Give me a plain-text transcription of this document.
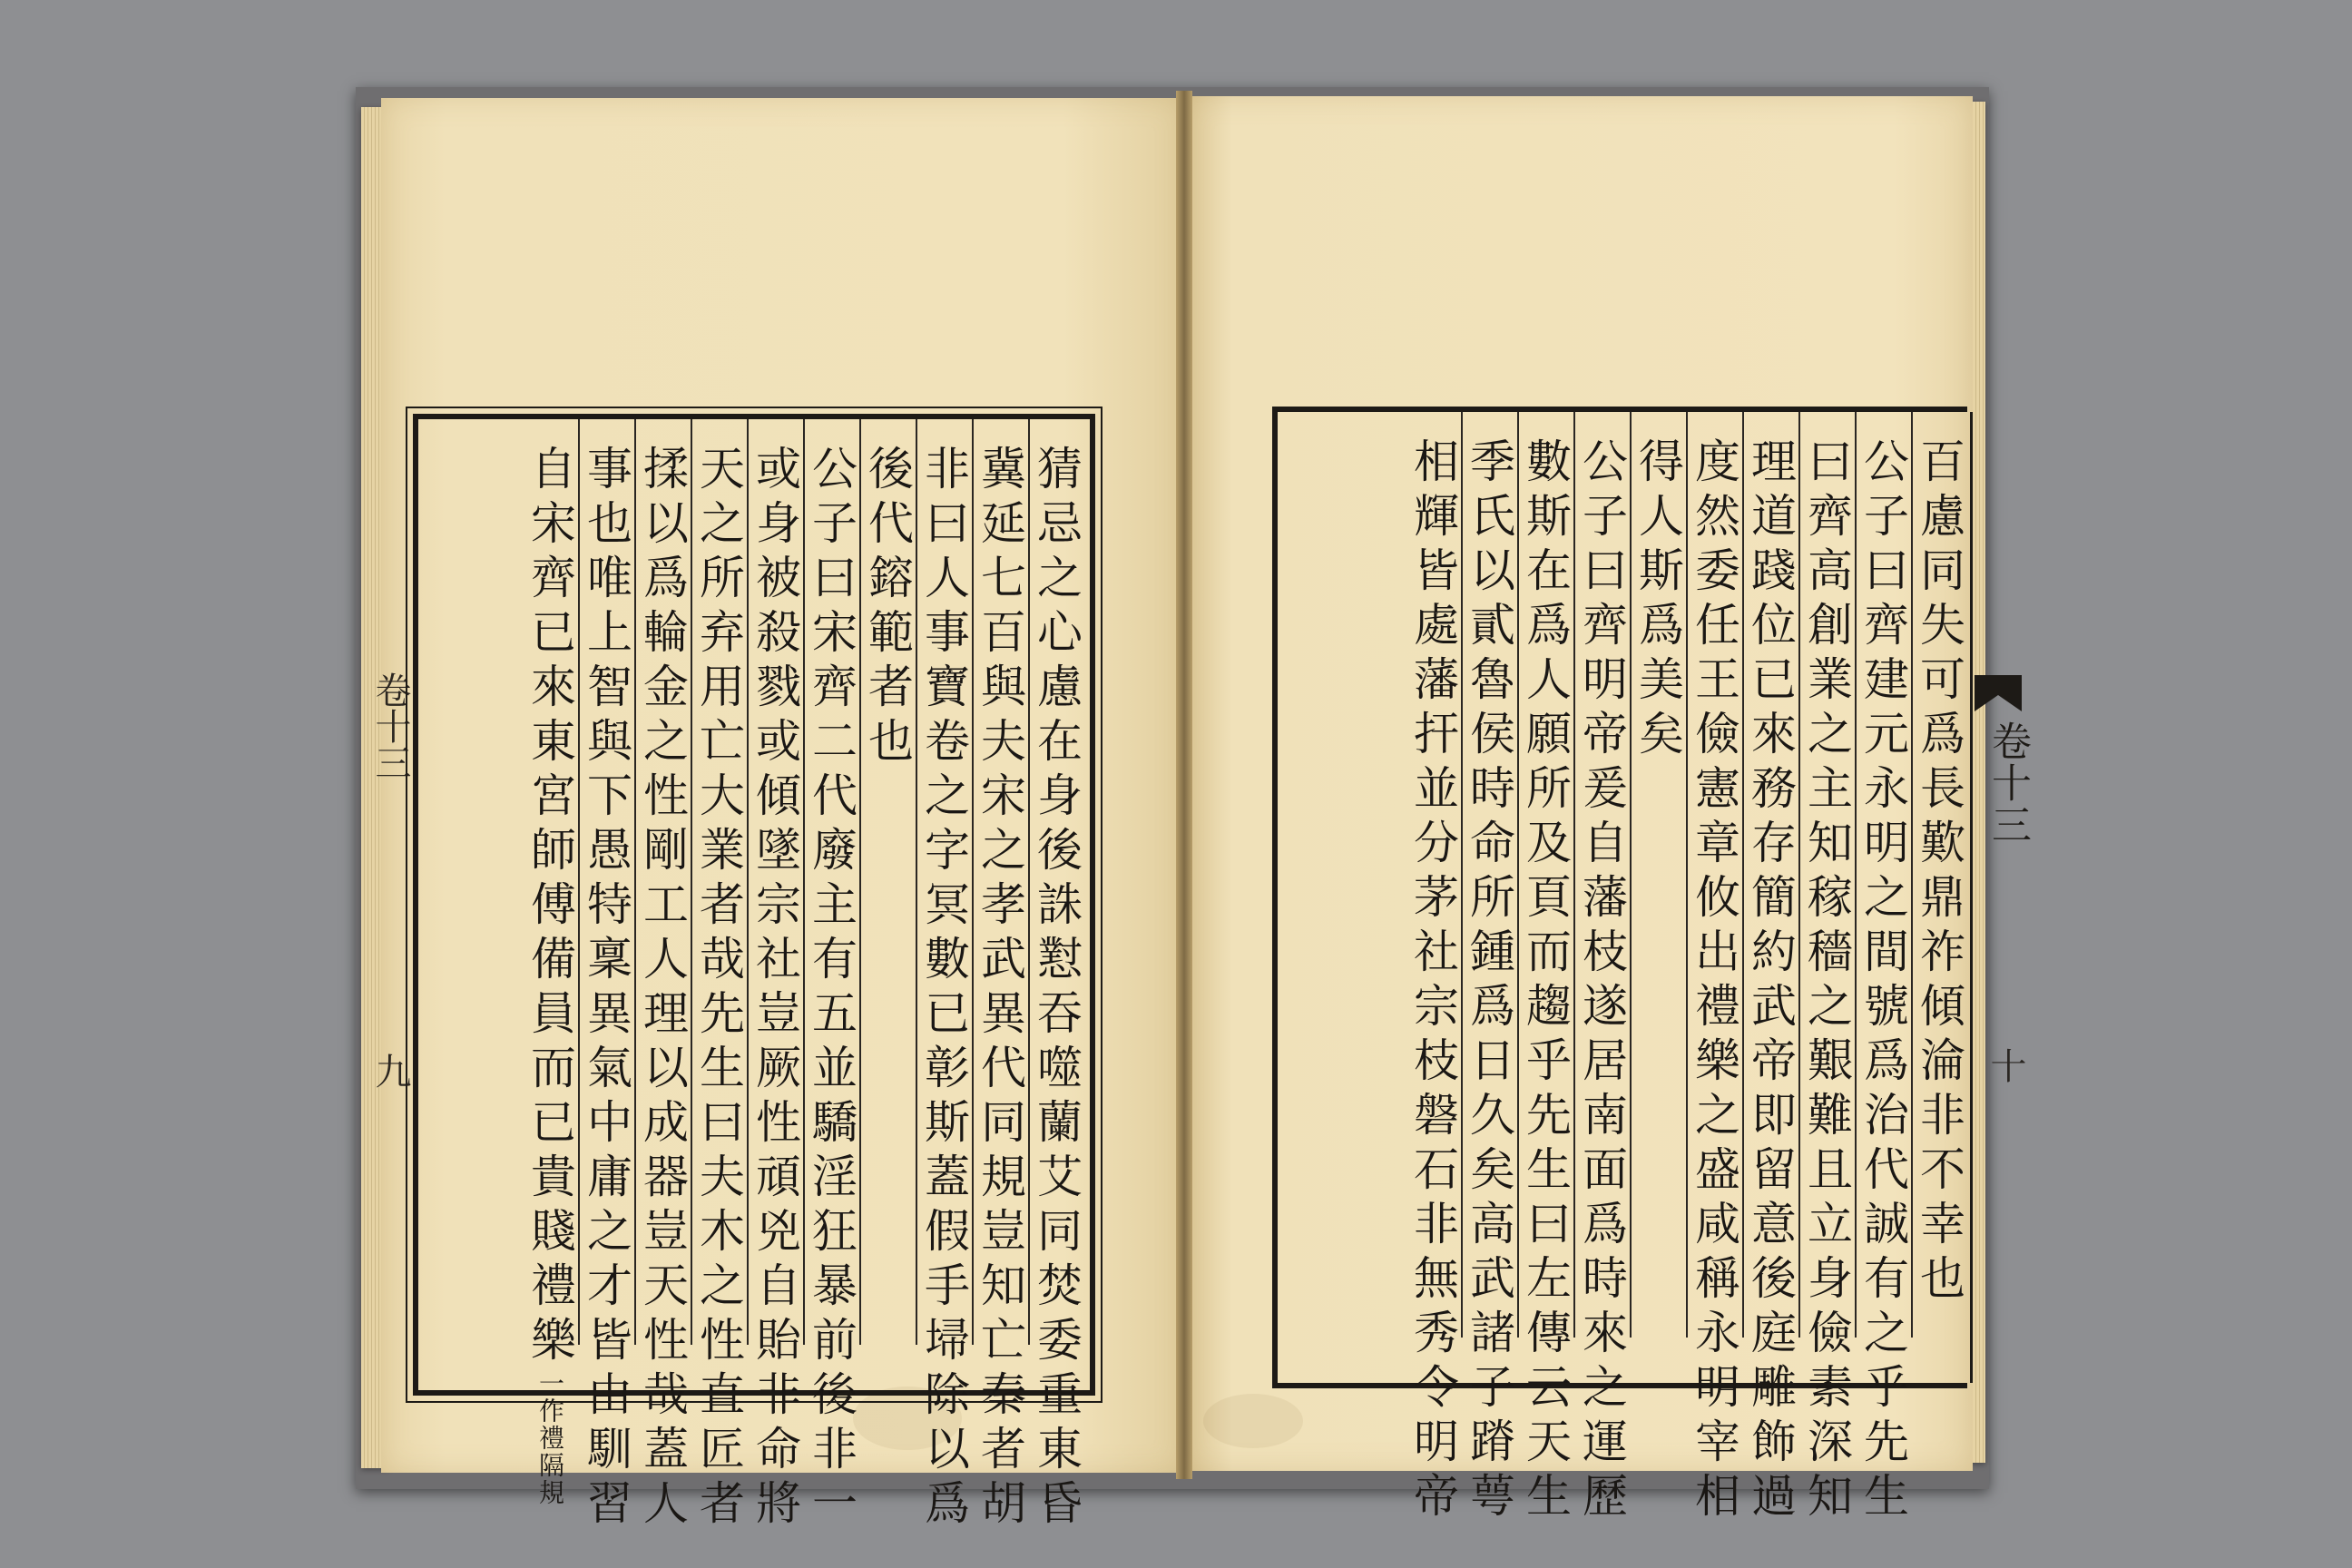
卷十三
九	猜忌之心慮在身後誅懟吞噬蘭艾同焚委重東昏
冀延七百與夫宋之孝武異代同規豈知亡秦者胡
非曰人事寶卷之字冥數已彰斯蓋假手埽除以爲
後代鎔範者也
公子曰宋齊二代廢主有五並驕淫狂暴前後非一
或身被殺戮或傾墜宗社豈厥性頑兇自貽非命將
天之所弃用亡大業者哉先生曰夫木之性直匠者
揉以爲輪金之性剛工人理以成器豈天性哉蓋人
事也唯上智與下愚特稟異氣中庸之才皆由馴習
自宋齊已來東宮師傅備員而已貴賤禮樂一作禮隔規
百慮同失可爲長歎鼎祚傾淪非不幸也
公子曰齊建元永明之間號爲治代誠有之乎先生
曰齊高創業之主知稼穡之艱難且立身儉素深知
理道踐位已來務存簡約武帝即留意後庭雕飾過
度然委任王儉憲章攸出禮樂之盛咸稱永明宰相
得人斯爲美矣
公子曰齊明帝爰自藩枝遂居南面爲時來之運歷
數斯在爲人願所及頁而趨乎先生曰左傳云天生
季氏以貳魯侯時命所鍾爲日久矣高武諸子蹐萼
相輝皆處藩扞並分茅社宗枝磐石非無秀令明帝	卷十三
十
